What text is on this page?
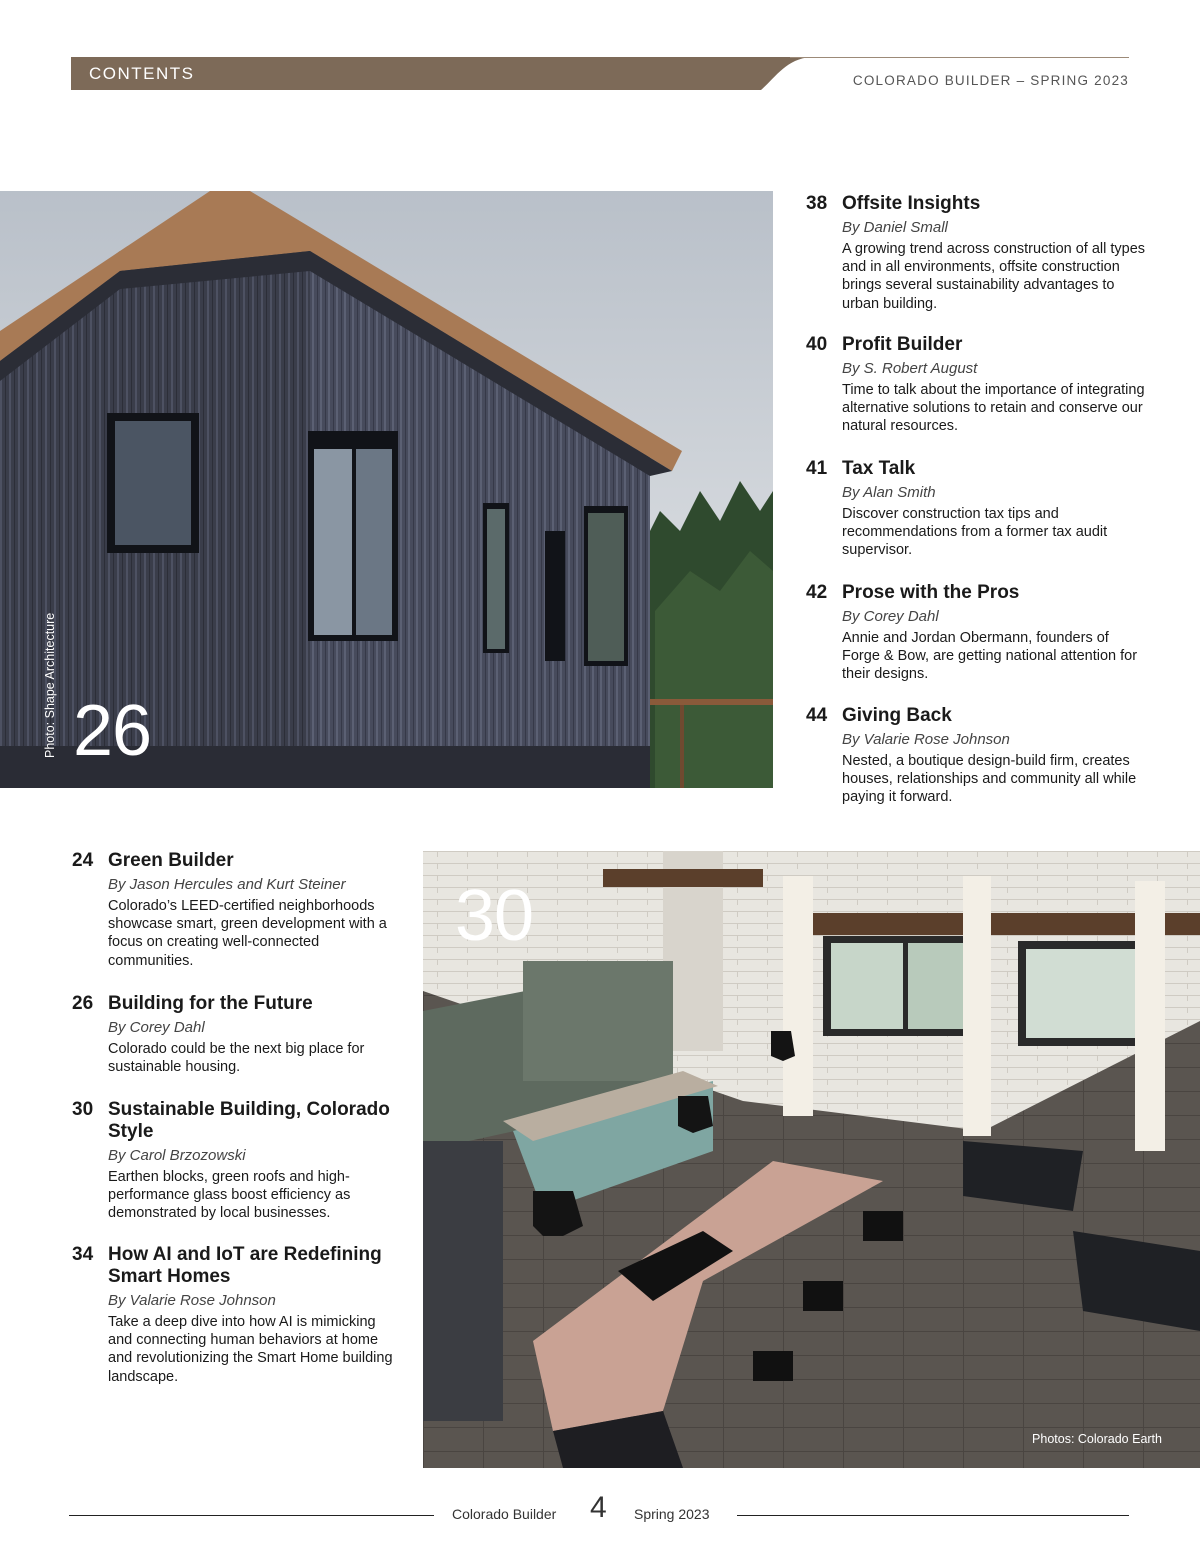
CONTENTS	COLORADO BUILDER – SPRING 2023
26
Photo: Shape Architecture
30
Photos: Colorado Earth
38 Offsite Insights
By Daniel Small
A growing trend across construction of all types and in all environments, offsite construction brings several sustainability advantages to urban building.
40 Profit Builder
By S. Robert August
Time to talk about the importance of integrating alternative solutions to retain and conserve our natural resources.
41 Tax Talk
By Alan Smith
Discover construction tax tips and recommendations from a former tax audit supervisor.
42 Prose with the Pros
By Corey Dahl
Annie and Jordan Obermann, founders of Forge & Bow, are getting national attention for their designs.
44 Giving Back
By Valarie Rose Johnson
Nested, a boutique design-build firm, creates houses, relationships and community all while paying it forward.
24 Green Builder
By Jason Hercules and Kurt Steiner
Colorado’s LEED-certified neighborhoods showcase smart, green development with a focus on creating well-connected communities.
26 Building for the Future
By Corey Dahl
Colorado could be the next big place for sustainable housing.
30 Sustainable Building, Colorado Style
By Carol Brzozowski
Earthen blocks, green roofs and high-performance glass boost efficiency as demonstrated by local businesses.
34 How AI and IoT are Redefining Smart Homes
By Valarie Rose Johnson
Take a deep dive into how AI is mimicking and connecting human behaviors at home and revolutionizing the Smart Home building landscape.
Colorado Builder 4 Spring 2023
